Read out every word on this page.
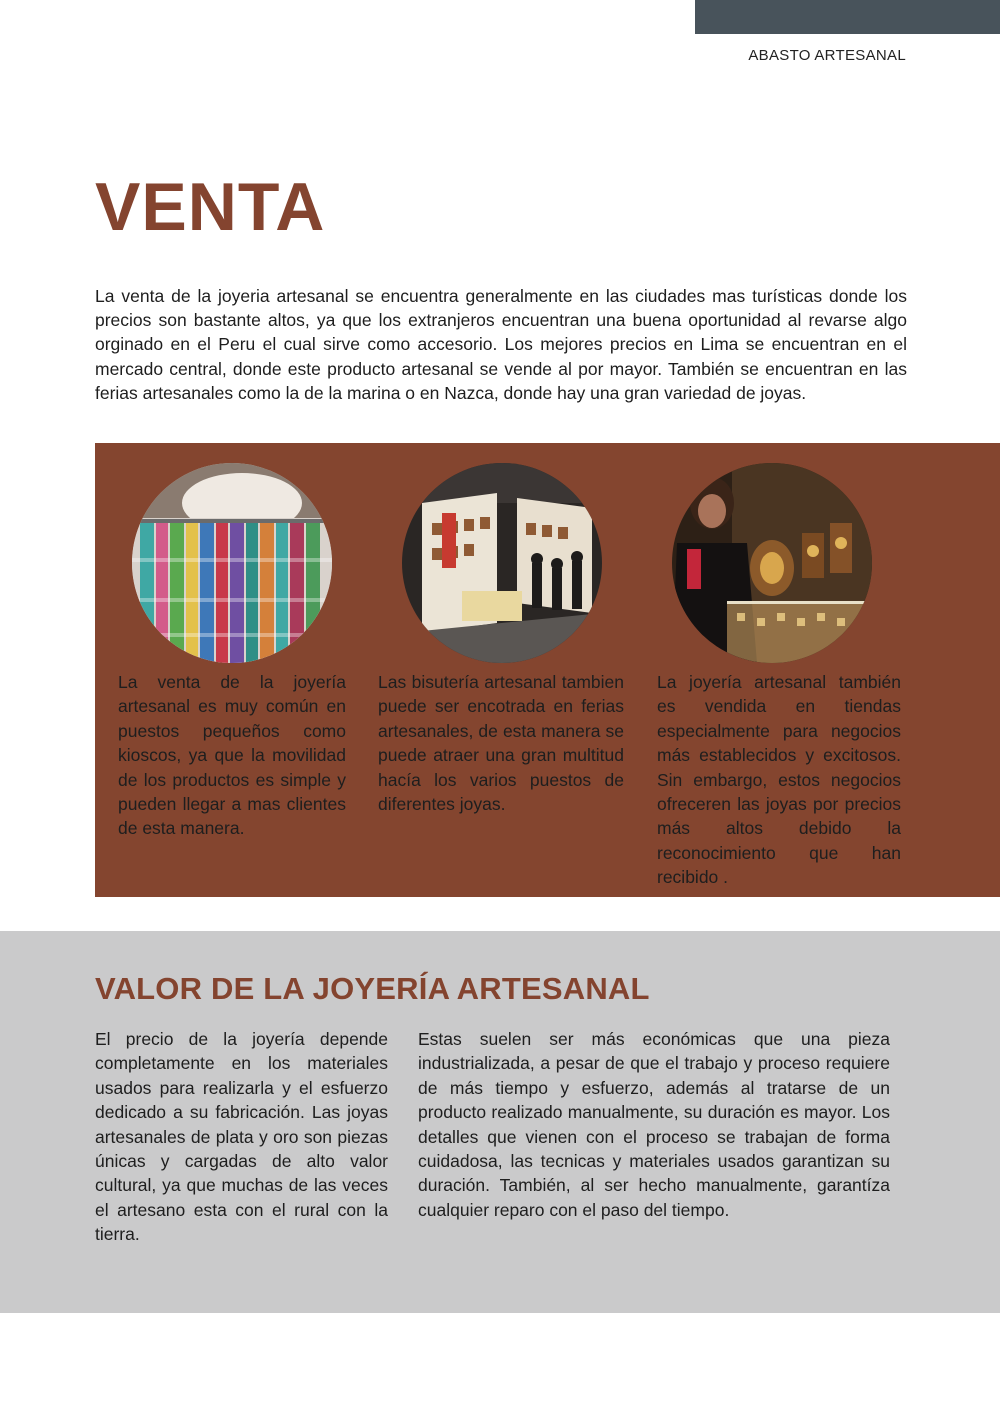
ABASTO ARTESANAL
VENTA

La venta de la joyeria artesanal se encuentra generalmente en las ciudades mas turísticas donde los precios son bastante altos, ya que los extranjeros encuentran una buena oportunidad al revarse algo orginado en el Peru el cual sirve como accesorio. Los mejores precios en Lima se encuentran en el mercado central, donde este producto artesanal se vende al por mayor. También se encuentran en las ferias artesanales como la de la marina o en Nazca, donde hay una gran variedad de joyas.

La venta de la joyería artesanal es muy común en puestos pequeños como kioscos, ya que la movilidad de los productos es simple y pueden llegar a mas clientes de esta manera.

Las bisutería artesanal tambien puede ser encotrada en ferias artesanales, de esta manera se puede atraer una gran multitud hacía los varios puestos de diferentes joyas.

La joyería artesanal también es vendida en tiendas especialmente para negocios más establecidos y excitosos. Sin embargo, estos negocios ofreceren las joyas por precios más altos debido la reconocimiento que han recibido .

VALOR DE LA JOYERÍA ARTESANAL

El precio de la joyería depende completamente en los materiales usados para realizarla y el esfuerzo dedicado a su fabricación. Las joyas artesanales de plata y oro son piezas únicas y cargadas de alto valor cultural, ya que muchas de las veces el artesano esta con el rural con la tierra.

Estas suelen ser más económicas que una pieza industrializada, a pesar de que el trabajo y proceso requiere de más tiempo y esfuerzo, además al tratarse de un producto realizado manualmente, su duración es mayor. Los detalles que vienen con el proceso se trabajan de forma cuidadosa, las tecnicas y materiales usados garantizan su duración. También, al ser hecho manualmente, garantíza cualquier reparo con el paso del tiempo.
